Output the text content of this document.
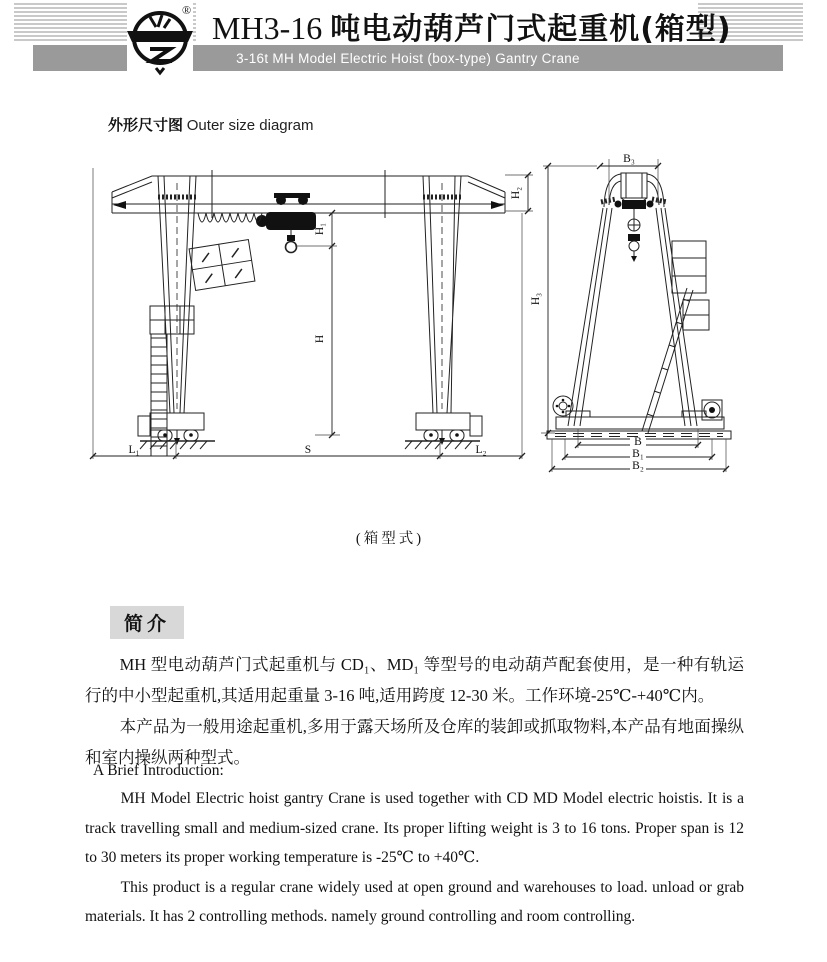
3-16t MH Model Electric Hoist (box-type) Gantry Crane
® MH3-16 吨电动葫芦门式起重机(箱型)
外形尺寸图 Outer size diagram
L₁	S	L₂
H₁
H
H₂
B₃
H₃
B
B₁
B₂
(箱型式)
简介

MH 型电动葫芦门式起重机与 CD₁、MD₁ 等型号的电动葫芦配套使用，是一种有轨运行的中小型起重机,其适用起重量 3-16 吨,适用跨度 12-30 米。工作环境-25℃-+40℃内。

本产品为一般用途起重机,多用于露天场所及仓库的装卸或抓取物料,本产品有地面操纵和室内操纵两种型式。

A Brief Introduction:

MH Model Electric hoist gantry Crane is used together with CD MD Model electric hoistis. It is a track travelling small and medium-sized crane. Its proper lifting weight is 3 to 16 tons. Proper span is 12 to 30 meters its proper working temperature is -25℃ to +40℃.

This product is a regular crane widely used at open ground and warehouses to load. unload or grab materials. It has 2 controlling methods. namely ground controlling and room controlling.
